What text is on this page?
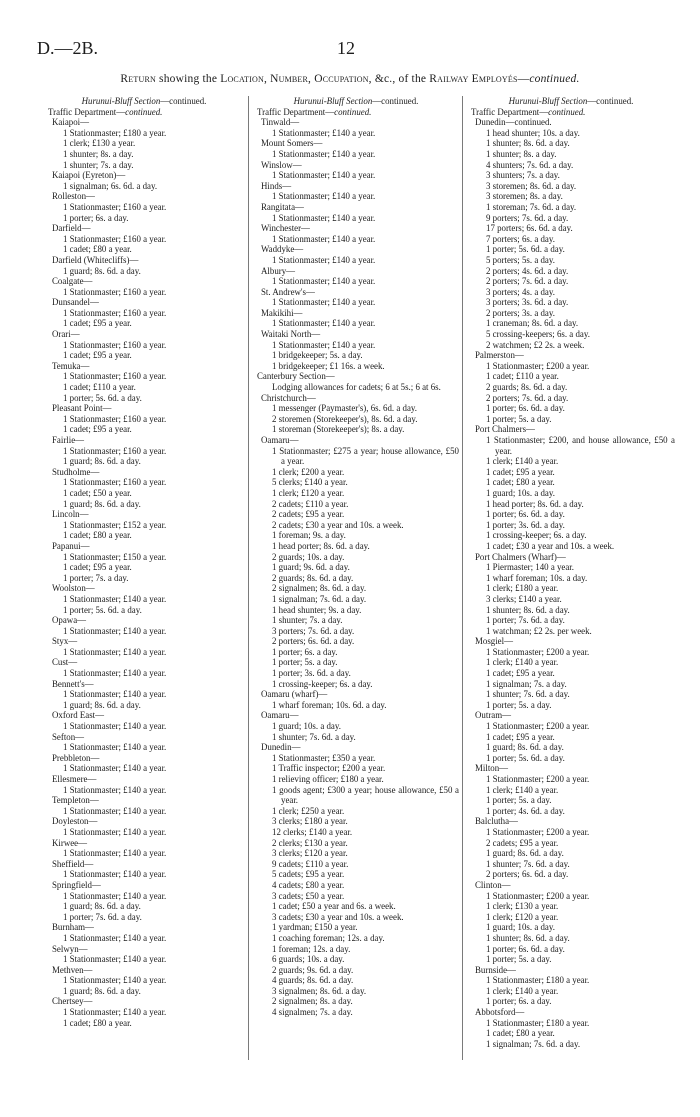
D.—2B.	12
Return showing the Location, Number, Occupation, &c., of the Railway Employés—continued.
Hurunui-Bluff Section—continued.
Traffic Department—continued.
Kaiapoi—
1 Stationmaster; £180 a year.
1 clerk; £130 a year.
1 shunter; 8s. a day.
1 shunter; 7s. a day.
Kaiapoi (Eyreton)—
1 signalman; 6s. 6d. a day.
Rolleston—
1 Stationmaster; £160 a year.
1 porter; 6s. a day.
Darfield—
1 Stationmaster; £160 a year.
1 cadet; £80 a year.
Darfield (Whitecliffs)—
1 guard; 8s. 6d. a day.
Coalgate—
1 Stationmaster; £160 a year.
Dunsandel—
1 Stationmaster; £160 a year.
1 cadet; £95 a year.
Orari—
1 Stationmaster; £160 a year.
1 cadet; £95 a year.
Temuka—
1 Stationmaster; £160 a year.
1 cadet; £110 a year.
1 porter; 5s. 6d. a day.
Pleasant Point—
1 Stationmaster; £160 a year.
1 cadet; £95 a year.
Fairlie—
1 Stationmaster; £160 a year.
1 guard; 8s. 6d. a day.
Studholme—
1 Stationmaster; £160 a year.
1 cadet; £50 a year.
1 guard; 8s. 6d. a day.
Lincoln—
1 Stationmaster; £152 a year.
1 cadet; £80 a year.
Papanui—
1 Stationmaster; £150 a year.
1 cadet; £95 a year.
1 porter; 7s. a day.
Woolston—
1 Stationmaster; £140 a year.
1 porter; 5s. 6d. a day.
Opawa—
1 Stationmaster; £140 a year.
Styx—
1 Stationmaster; £140 a year.
Cust—
1 Stationmaster; £140 a year.
Bennett's—
1 Stationmaster; £140 a year.
1 guard; 8s. 6d. a day.
Oxford East—
1 Stationmaster; £140 a year.
Sefton—
1 Stationmaster; £140 a year.
Prebbleton—
1 Stationmaster; £140 a year.
Ellesmere—
1 Stationmaster; £140 a year.
Templeton—
1 Stationmaster; £140 a year.
Doyleston—
1 Stationmaster; £140 a year.
Kirwee—
1 Stationmaster; £140 a year.
Sheffield—
1 Stationmaster; £140 a year.
Springfield—
1 Stationmaster; £140 a year.
1 guard; 8s. 6d. a day.
1 porter; 7s. 6d. a day.
Burnham—
1 Stationmaster; £140 a year.
Selwyn—
1 Stationmaster; £140 a year.
Methven—
1 Stationmaster; £140 a year.
1 guard; 8s. 6d. a day.
Chertsey—
1 Stationmaster; £140 a year.
1 cadet; £80 a year.
Hurunui-Bluff Section—continued.
Traffic Department—continued.
Tinwald—
1 Stationmaster; £140 a year.
Mount Somers—
1 Stationmaster; £140 a year.
Winslow—
1 Stationmaster; £140 a year.
Hinds—
1 Stationmaster; £140 a year.
Rangitata—
1 Stationmaster; £140 a year.
Winchester—
1 Stationmaster; £140 a year.
Waddyke—
1 Stationmaster; £140 a year.
Albury—
1 Stationmaster; £140 a year.
St. Andrew's—
1 Stationmaster; £140 a year.
Makikihi—
1 Stationmaster; £140 a year.
Waitaki North—
1 Stationmaster; £140 a year.
1 bridgekeeper; 5s. a day.
1 bridgekeeper; £1 16s. a week.
Canterbury Section—
Lodging allowances for cadets; 6 at 5s.; 6 at 6s.
Christchurch—
1 messenger (Paymaster's), 6s. 6d. a day.
2 storemen (Storekeeper's), 8s. 6d. a day.
1 storeman (Storekeeper's); 8s. a day.
Oamaru—
1 Stationmaster; £275 a year; house allowance, £50 a year.
1 clerk; £200 a year.
5 clerks; £140 a year.
1 clerk; £120 a year.
2 cadets; £110 a year.
2 cadets; £95 a year.
2 cadets; £30 a year and 10s. a week.
1 foreman; 9s. a day.
1 head porter; 8s. 6d. a day.
2 guards; 10s. a day.
1 guard; 9s. 6d. a day.
2 guards; 8s. 6d. a day.
2 signalmen; 8s. 6d. a day.
1 signalman; 7s. 6d. a day.
1 head shunter; 9s. a day.
1 shunter; 7s. a day.
3 porters; 7s. 6d. a day.
2 porters; 6s. 6d. a day.
1 porter; 6s. a day.
1 porter; 5s. a day.
1 porter; 3s. 6d. a day.
1 crossing-keeper; 6s. a day.
Oamaru (wharf)—
1 wharf foreman; 10s. 6d. a day.
Oamaru—
1 guard; 10s. a day.
1 shunter; 7s. 6d. a day.
Dunedin—
1 Stationmaster; £350 a year.
1 Traffic inspector; £200 a year.
1 relieving officer; £180 a year.
1 goods agent; £300 a year; house allowance, £50 a year.
1 clerk; £250 a year.
3 clerks; £180 a year.
12 clerks; £140 a year.
2 clerks; £130 a year.
3 clerks; £120 a year.
9 cadets; £110 a year.
5 cadets; £95 a year.
4 cadets; £80 a year.
3 cadets; £50 a year.
1 cadet; £50 a year and 6s. a week.
3 cadets; £30 a year and 10s. a week.
1 yardman; £150 a year.
1 coaching foreman; 12s. a day.
1 foreman; 12s. a day.
6 guards; 10s. a day.
2 guards; 9s. 6d. a day.
4 guards; 8s. 6d. a day.
3 signalmen; 8s. 6d. a day.
2 signalmen; 8s. a day.
4 signalmen; 7s. a day.
Hurunui-Bluff Section—continued.
Traffic Department—continued.
Dunedin—continued.
1 head shunter; 10s. a day.
1 shunter; 8s. 6d. a day.
1 shunter; 8s. a day.
4 shunters; 7s. 6d. a day.
3 shunters; 7s. a day.
3 storemen; 8s. 6d. a day.
3 storemen; 8s. a day.
1 storeman; 7s. 6d. a day.
9 porters; 7s. 6d. a day.
17 porters; 6s. 6d. a day.
7 porters; 6s. a day.
1 porter; 5s. 6d. a day.
5 porters; 5s. a day.
2 porters; 4s. 6d. a day.
2 porters; 7s. 6d. a day.
3 porters; 4s. a day.
3 porters; 3s. 6d. a day.
2 porters; 3s. a day.
1 craneman; 8s. 6d. a day.
5 crossing-keepers; 6s. a day.
2 watchmen; £2 2s. a week.
Palmerston—
1 Stationmaster; £200 a year.
1 cadet; £110 a year.
2 guards; 8s. 6d. a day.
2 porters; 7s. 6d. a day.
1 porter; 6s. 6d. a day.
1 porter; 5s. a day.
Port Chalmers—
1 Stationmaster; £200, and house allowance, £50 a year.
1 clerk; £140 a year.
1 cadet; £95 a year.
1 cadet; £80 a year.
1 guard; 10s. a day.
1 head porter; 8s. 6d. a day.
1 porter; 6s. 6d. a day.
1 porter; 3s. 6d. a day.
1 crossing-keeper; 6s. a day.
1 cadet; £30 a year and 10s. a week.
Port Chalmers (Wharf)—
1 Piermaster; 140 a year.
1 wharf foreman; 10s. a day.
1 clerk; £180 a year.
3 clerks; £140 a year.
1 shunter; 8s. 6d. a day.
1 porter; 7s. 6d. a day.
1 watchman; £2 2s. per week.
Mosgiel—
1 Stationmaster; £200 a year.
1 clerk; £140 a year.
1 cadet; £95 a year.
1 signalman; 7s. a day.
1 shunter; 7s. 6d. a day.
1 porter; 5s. a day.
Outram—
1 Stationmaster; £200 a year.
1 cadet; £95 a year.
1 guard; 8s. 6d. a day.
1 porter; 5s. 6d. a day.
Milton—
1 Stationmaster; £200 a year.
1 clerk; £140 a year.
1 porter; 5s. a day.
1 porter; 4s. 6d. a day.
Balclutha—
1 Stationmaster; £200 a year.
2 cadets; £95 a year.
1 guard; 8s. 6d. a day.
1 shunter; 7s. 6d. a day.
2 porters; 6s. 6d. a day.
Clinton—
1 Stationmaster; £200 a year.
1 clerk; £130 a year.
1 clerk; £120 a year.
1 guard; 10s. a day.
1 shunter; 8s. 6d. a day.
1 porter; 6s. 6d. a day.
1 porter; 5s. a day.
Burnside—
1 Stationmaster; £180 a year.
1 clerk; £140 a year.
1 porter; 6s. a day.
Abbotsford—
1 Stationmaster; £180 a year.
1 cadet; £80 a year.
1 signalman; 7s. 6d. a day.
